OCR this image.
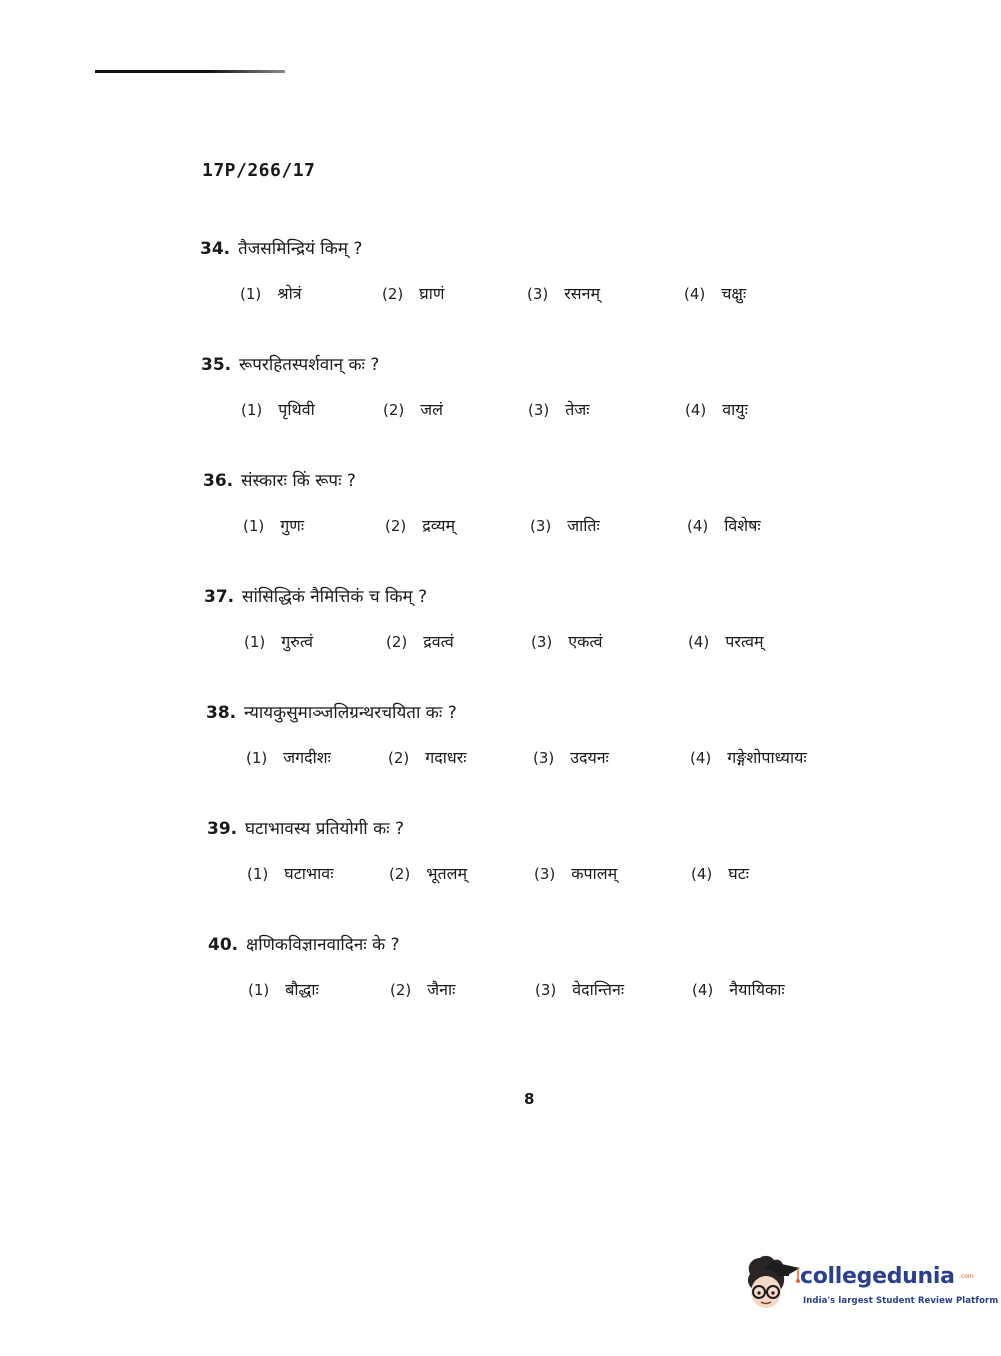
17P/266/17
34. तैजसमिन्द्रियं किम् ?
(1) श्रोत्रं	(2) घ्राणं	(3) रसनम्	(4) चक्षुः
35. रूपरहितस्पर्शवान् कः ?
(1) पृथिवी	(2) जलं	(3) तेजः	(4) वायुः
36. संस्कारः किं रूपः ?
(1) गुणः	(2) द्रव्यम्	(3) जातिः	(4) विशेषः
37. सांसिद्धिकं नैमित्तिकं च किम् ?
(1) गुरुत्वं	(2) द्रवत्वं	(3) एकत्वं	(4) परत्वम्
38. न्यायकुसुमाञ्जलिग्रन्थरचयिता कः ?
(1) जगदीशः	(2) गदाधरः	(3) उदयनः	(4) गङ्गेशोपाध्यायः
39. घटाभावस्य प्रतियोगी कः ?
(1) घटाभावः	(2) भूतलम्	(3) कपालम्	(4) घटः
40. क्षणिकविज्ञानवादिनः के ?
(1) बौद्धाः	(2) जैनाः	(3) वेदान्तिनः	(4) नैयायिकाः
8
collegedunia .com
India's largest Student Review Platform
